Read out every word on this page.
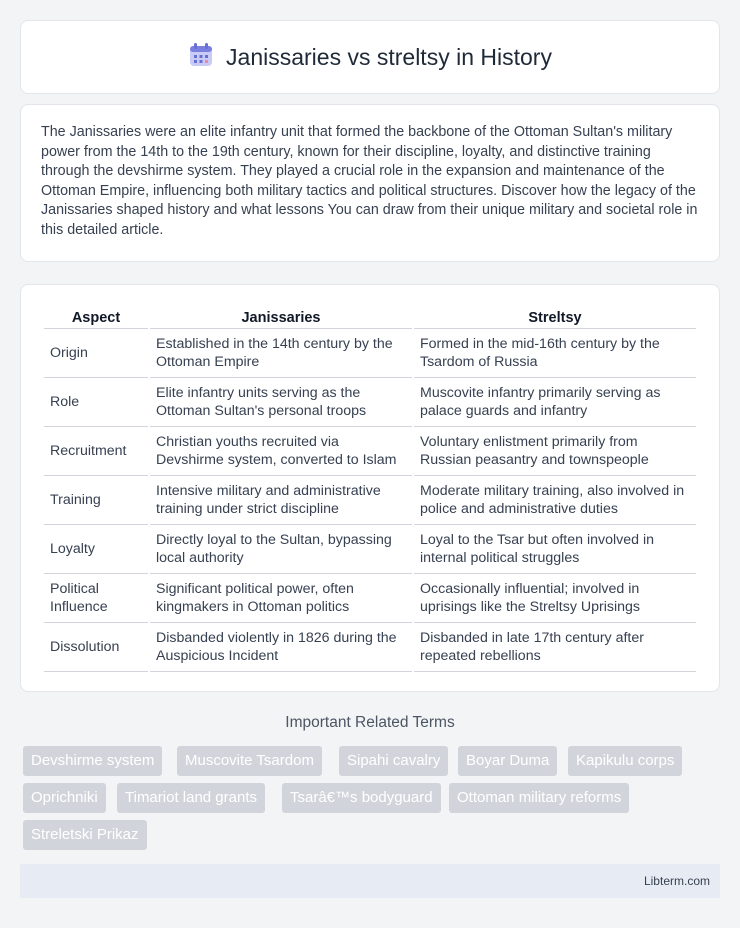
Janissaries vs streltsy in History

The Janissaries were an elite infantry unit that formed the backbone of the Ottoman Sultan's military power from the 14th to the 19th century, known for their discipline, loyalty, and distinctive training through the devshirme system. They played a crucial role in the expansion and maintenance of the Ottoman Empire, influencing both military tactics and political structures. Discover how the legacy of the Janissaries shaped history and what lessons You can draw from their unique military and societal role in this detailed article.

Aspect	Janissaries	Streltsy
Origin	Established in the 14th century by the Ottoman Empire	Formed in the mid-16th century by the Tsardom of Russia
Role	Elite infantry units serving as the Ottoman Sultan's personal troops	Muscovite infantry primarily serving as palace guards and infantry
Recruitment	Christian youths recruited via Devshirme system, converted to Islam	Voluntary enlistment primarily from Russian peasantry and townspeople
Training	Intensive military and administrative training under strict discipline	Moderate military training, also involved in police and administrative duties
Loyalty	Directly loyal to the Sultan, bypassing local authority	Loyal to the Tsar but often involved in internal political struggles
Political Influence	Significant political power, often kingmakers in Ottoman politics	Occasionally influential; involved in uprisings like the Streltsy Uprisings
Dissolution	Disbanded violently in 1826 during the Auspicious Incident	Disbanded in late 17th century after repeated rebellions
Important Related Terms
Devshirme system	Muscovite Tsardom	Sipahi cavalry	Boyar Duma	Kapikulu corps
Oprichniki	Timariot land grants	Tsarâ€™s bodyguard	Ottoman military reforms
Streletski Prikaz
Libterm.com
